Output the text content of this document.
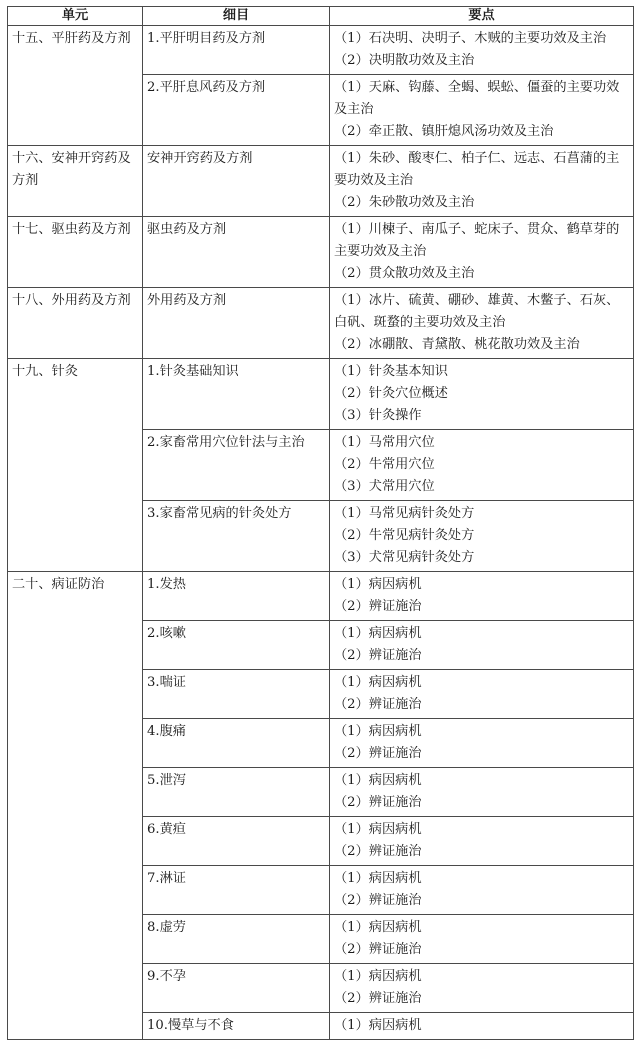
单元	细目	要点
十五、平肝药及方剂	1.平肝明目药及方剂	（1）石决明、决明子、木贼的主要功效及主治
（2）决明散功效及主治

	2.平肝息风药及方剂	（1）天麻、钩藤、全蝎、蜈蚣、僵蚕的主要功效及主治
（2）牵正散、镇肝熄风汤功效及主治

十六、安神开窍药及方剂	安神开窍药及方剂	（1）朱砂、酸枣仁、柏子仁、远志、石菖蒲的主要功效及主治
（2）朱砂散功效及主治

十七、驱虫药及方剂	驱虫药及方剂	（1）川楝子、南瓜子、蛇床子、贯众、鹤草芽的主要功效及主治
（2）贯众散功效及主治

十八、外用药及方剂	外用药及方剂	（1）冰片、硫黄、硼砂、雄黄、木鳖子、石灰、白矾、斑蝥的主要功效及主治
（2）冰硼散、青黛散、桃花散功效及主治

十九、针灸	1.针灸基础知识	（1）针灸基本知识
（2）针灸穴位概述
（3）针灸操作

	2.家畜常用穴位针法与主治	（1）马常用穴位
（2）牛常用穴位
（3）犬常用穴位

	3.家畜常见病的针灸处方	（1）马常见病针灸处方
（2）牛常见病针灸处方
（3）犬常见病针灸处方

二十、病证防治	1.发热	（1）病因病机
（2）辨证施治

	2.咳嗽	（1）病因病机
（2）辨证施治

	3.喘证	（1）病因病机
（2）辨证施治

	4.腹痛	（1）病因病机
（2）辨证施治

	5.泄泻	（1）病因病机
（2）辨证施治

	6.黄疸	（1）病因病机
（2）辨证施治

	7.淋证	（1）病因病机
（2）辨证施治

	8.虚劳	（1）病因病机
（2）辨证施治

	9.不孕	（1）病因病机
（2）辨证施治

	10.慢草与不食	（1）病因病机
